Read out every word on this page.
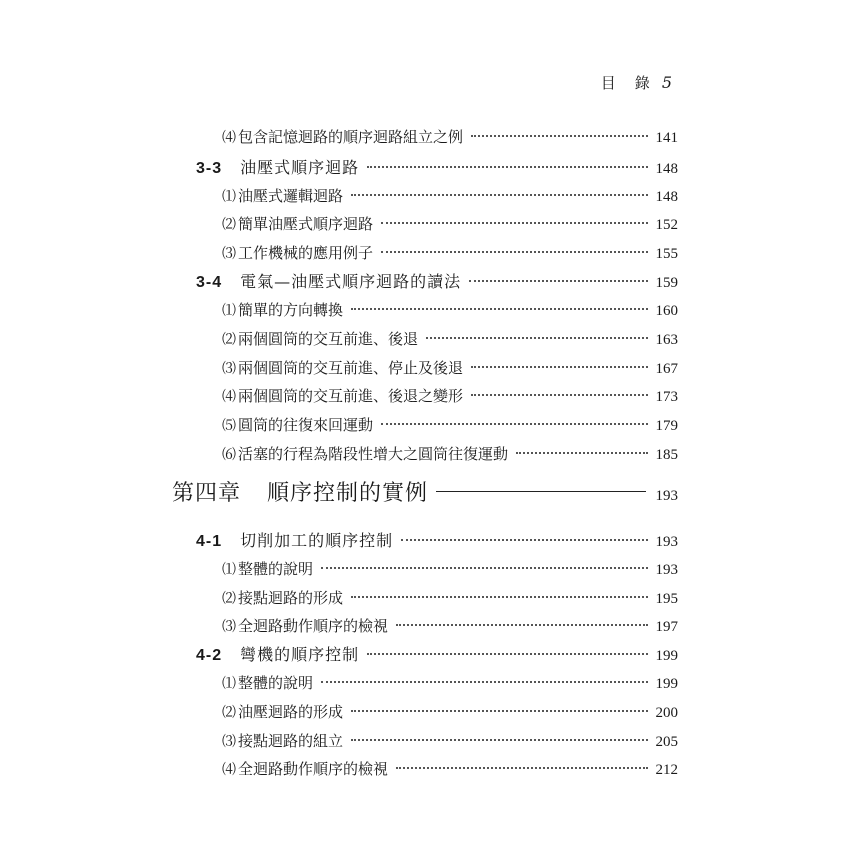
目　錄 5
⑷ 包含記憶迴路的順序迴路組立之例	141
3-3 油壓式順序迴路	148
⑴ 油壓式邏輯迴路	148
⑵ 簡單油壓式順序迴路	152
⑶ 工作機械的應用例子	155
3-4 電氣—油壓式順序迴路的讀法	159
⑴ 簡單的方向轉換	160
⑵ 兩個圓筒的交互前進、後退	163
⑶ 兩個圓筒的交互前進、停止及後退	167
⑷ 兩個圓筒的交互前進、後退之變形	173
⑸ 圓筒的往復來回運動	179
⑹ 活塞的行程為階段性增大之圓筒往復運動	185
第四章 順序控制的實例	193
4-1 切削加工的順序控制	193
⑴ 整體的說明	193
⑵ 接點迴路的形成	195
⑶ 全迴路動作順序的檢視	197
4-2 彎機的順序控制	199
⑴ 整體的說明	199
⑵ 油壓迴路的形成	200
⑶ 接點迴路的組立	205
⑷ 全迴路動作順序的檢視	212
